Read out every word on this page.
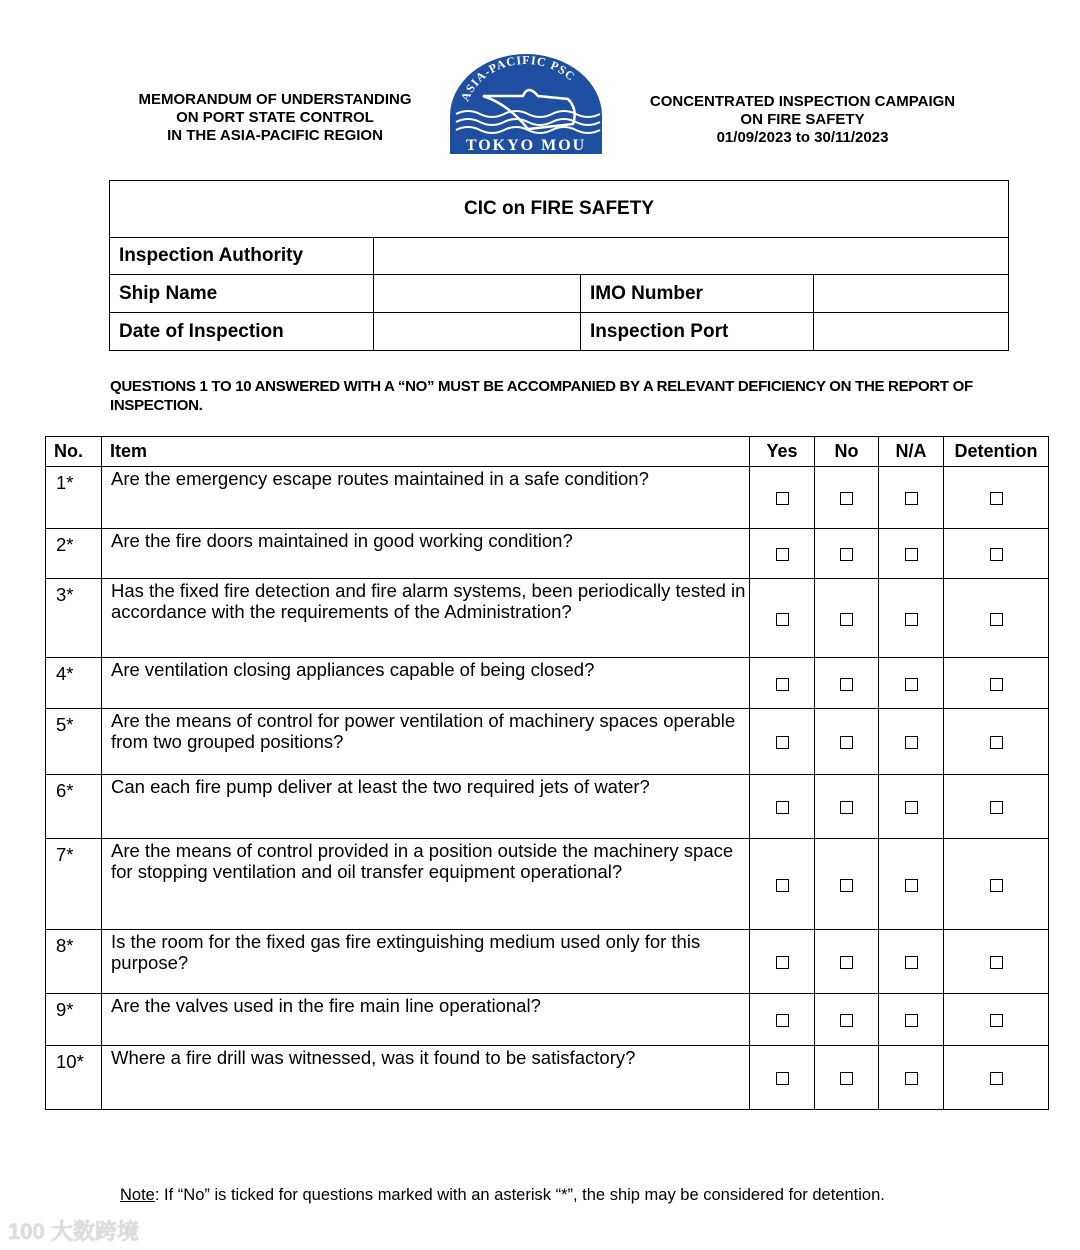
MEMORANDUM OF UNDERSTANDING
ON PORT STATE CONTROL
IN THE ASIA-PACIFIC REGION
ASIA-PACIFIC PSC
TOKYO MOU
CONCENTRATED INSPECTION CAMPAIGN
ON FIRE SAFETY
01/09/2023 to 30/11/2023
CIC on FIRE SAFETY			
Inspection Authority			
Ship Name		IMO Number	
Date of Inspection		Inspection Port	
QUESTIONS 1 TO 10 ANSWERED WITH A “NO” MUST BE ACCOMPANIED BY A RELEVANT DEFICIENCY ON THE REPORT OF INSPECTION.
No.	Item	Yes	No	N/A	Detention
1*	Are the emergency escape routes maintained in a safe condition?				
2*	Are the fire doors maintained in good working condition?				
3*	Has the fixed fire detection and fire alarm systems, been periodically tested in accordance with the requirements of the Administration?				
4*	Are ventilation closing appliances capable of being closed?				
5*	Are the means of control for power ventilation of machinery spaces operable from two grouped positions?				
6*	Can each fire pump deliver at least the two required jets of water?				
7*	Are the means of control provided in a position outside the machinery space for stopping ventilation and oil transfer equipment operational?				
8*	Is the room for the fixed gas fire extinguishing medium used only for this purpose?				
9*	Are the valves used in the fire main line operational?				
10*	Where a fire drill was witnessed, was it found to be satisfactory?				
Note: If “No” is ticked for questions marked with an asterisk “*”, the ship may be considered for detention.
100 大数跨境
